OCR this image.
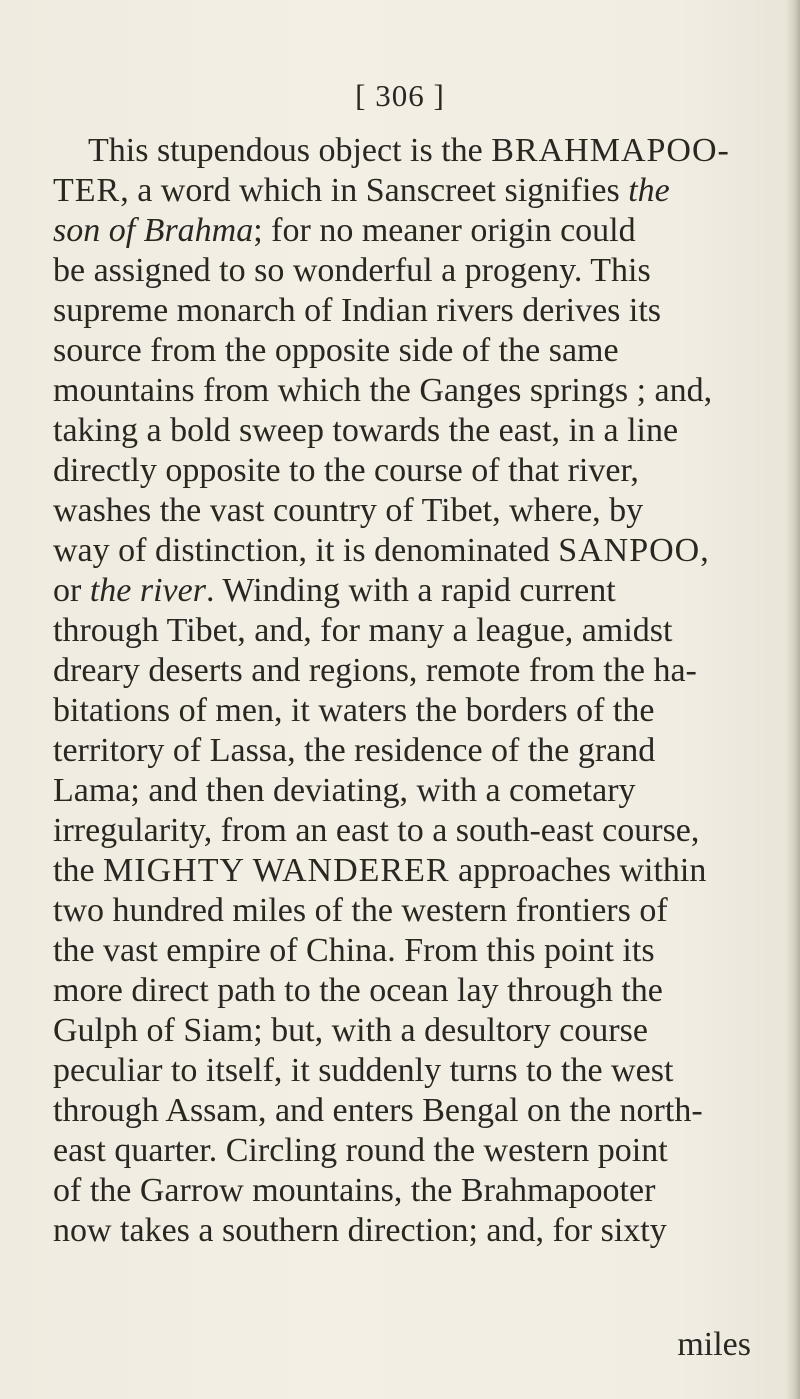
[ 306 ]
This stupendous object is the BRAHMAPOO-
TER, a word which in Sanscreet signifies the
son of Brahma; for no meaner origin could
be assigned to so wonderful a progeny. This
supreme monarch of Indian rivers derives its
source from the opposite side of the same
mountains from which the Ganges springs ; and,
taking a bold sweep towards the east, in a line
directly opposite to the course of that river,
washes the vast country of Tibet, where, by
way of distinction, it is denominated SANPOO,
or the river. Winding with a rapid current
through Tibet, and, for many a league, amidst
dreary deserts and regions, remote from the ha-
bitations of men, it waters the borders of the
territory of Lassa, the residence of the grand
Lama; and then deviating, with a cometary
irregularity, from an east to a south-east course,
the MIGHTY WANDERER approaches within
two hundred miles of the western frontiers of
the vast empire of China. From this point its
more direct path to the ocean lay through the
Gulph of Siam; but, with a desultory course
peculiar to itself, it suddenly turns to the west
through Assam, and enters Bengal on the north-
east quarter. Circling round the western point
of the Garrow mountains, the Brahmapooter
now takes a southern direction; and, for sixty
miles
